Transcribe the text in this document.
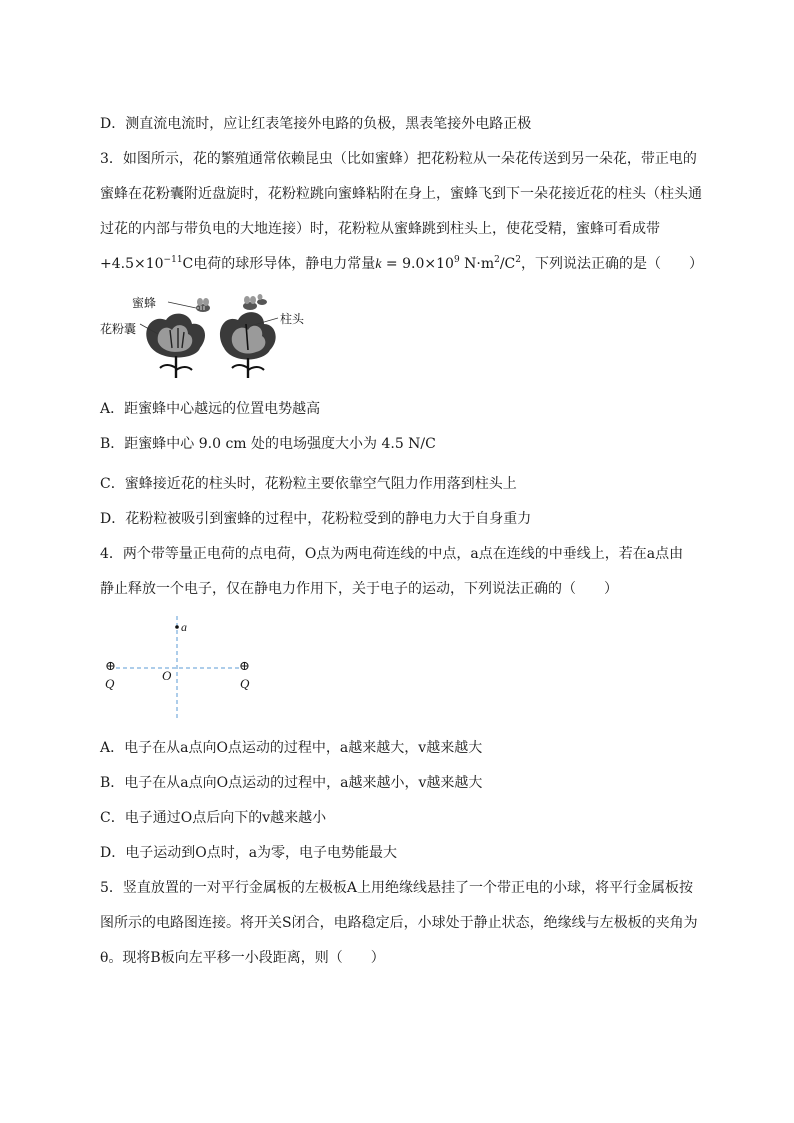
D．测直流电流时，应让红表笔接外电路的负极，黑表笔接外电路正极
3．如图所示，花的繁殖通常依赖昆虫（比如蜜蜂）把花粉粒从一朵花传送到另一朵花，带正电的
蜜蜂在花粉囊附近盘旋时，花粉粒跳向蜜蜂粘附在身上，蜜蜂飞到下一朵花接近花的柱头（柱头通
过花的内部与带负电的大地连接）时，花粉粒从蜜蜂跳到柱头上，使花受精，蜜蜂可看成带
$+4.5\times 10^{-11}C$电荷的球形导体，静电力常量$k = 9.0\times 10^9$ $N\cdot m^2/C^2$，下列说法正确的是（　　）
蜜蜂
花粉囊
柱头
A．距蜜蜂中心越远的位置电势越高
B．距蜜蜂中心 9.0 cm 处的电场强度大小为 4.5 N/C
C．蜜蜂接近花的柱头时，花粉粒主要依靠空气阻力作用落到柱头上
D．花粉粒被吸引到蜜蜂的过程中，花粉粒受到的静电力大于自身重力
4．两个带等量正电荷的点电荷，O点为两电荷连线的中点，a点在连线的中垂线上，若在a点由
静止释放一个电子，仅在静电力作用下，关于电子的运动，下列说法正确的（　　）
a
O
⊕	⊕
Q	Q
A．电子在从a点向O点运动的过程中，a越来越大，v越来越大
B．电子在从a点向O点运动的过程中，a越来越小，v越来越大
C．电子通过O点后向下的v越来越小
D．电子运动到O点时，a为零，电子电势能最大
5．竖直放置的一对平行金属板的左极板A上用绝缘线悬挂了一个带正电的小球，将平行金属板按
图所示的电路图连接。将开关S闭合，电路稳定后，小球处于静止状态，绝缘线与左极板的夹角为
θ。现将B板向左平移一小段距离，则（　　）
